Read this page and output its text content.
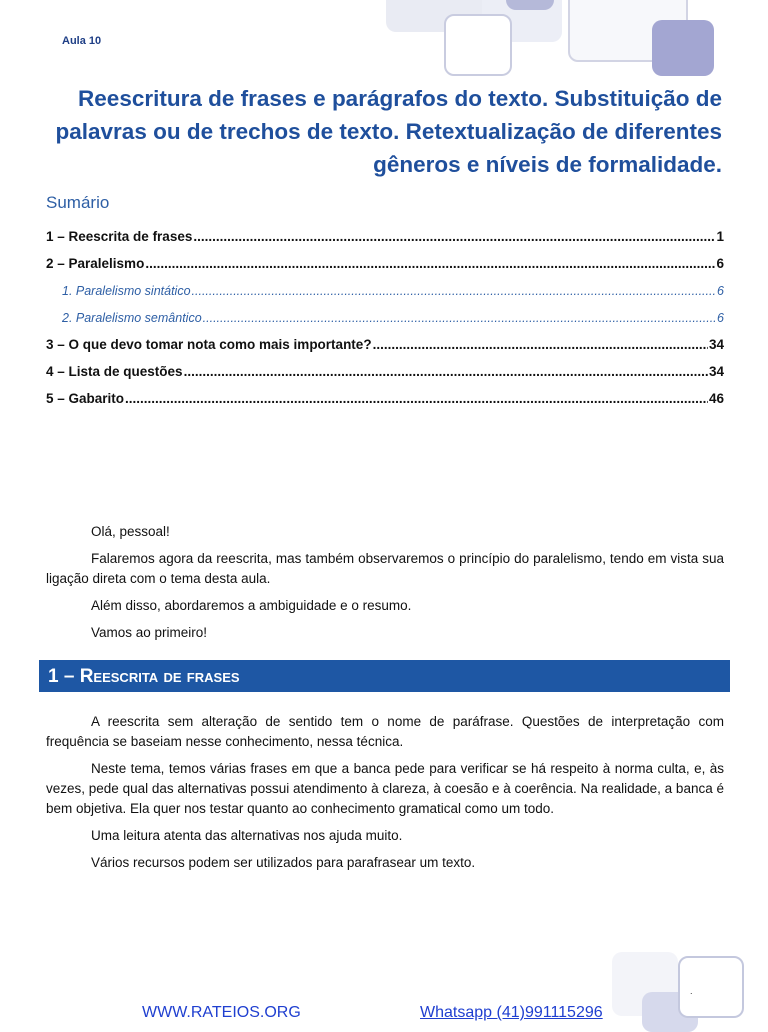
Aula 10
Reescritura de frases e parágrafos do texto. Substituição de palavras ou de trechos de texto. Retextualização de diferentes gêneros e níveis de formalidade.
Sumário
1 – Reescrita de frases .....	1
2 – Paralelismo .....	6
1. Paralelismo sintático .....	6
2. Paralelismo semântico .....	6
3 – O que devo tomar nota como mais importante? .....	34
4 – Lista de questões .....	34
5 – Gabarito .....	46

Olá, pessoal!

Falaremos agora da reescrita, mas também observaremos o princípio do paralelismo, tendo em vista sua ligação direta com o tema desta aula.

Além disso, abordaremos a ambiguidade e o resumo.

Vamos ao primeiro!

1 – Reescrita de frases

A reescrita sem alteração de sentido tem o nome de paráfrase. Questões de interpretação com frequência se baseiam nesse conhecimento, nessa técnica.

Neste tema, temos várias frases em que a banca pede para verificar se há respeito à norma culta, e, às vezes, pede qual das alternativas possui atendimento à clareza, à coesão e à coerência. Na realidade, a banca é bem objetiva. Ela quer nos testar quanto ao conhecimento gramatical como um todo.

Uma leitura atenta das alternativas nos ajuda muito.

Vários recursos podem ser utilizados para parafrasear um texto.

.
WWW.RATEIOS.ORG	Whatsapp (41)991115296
